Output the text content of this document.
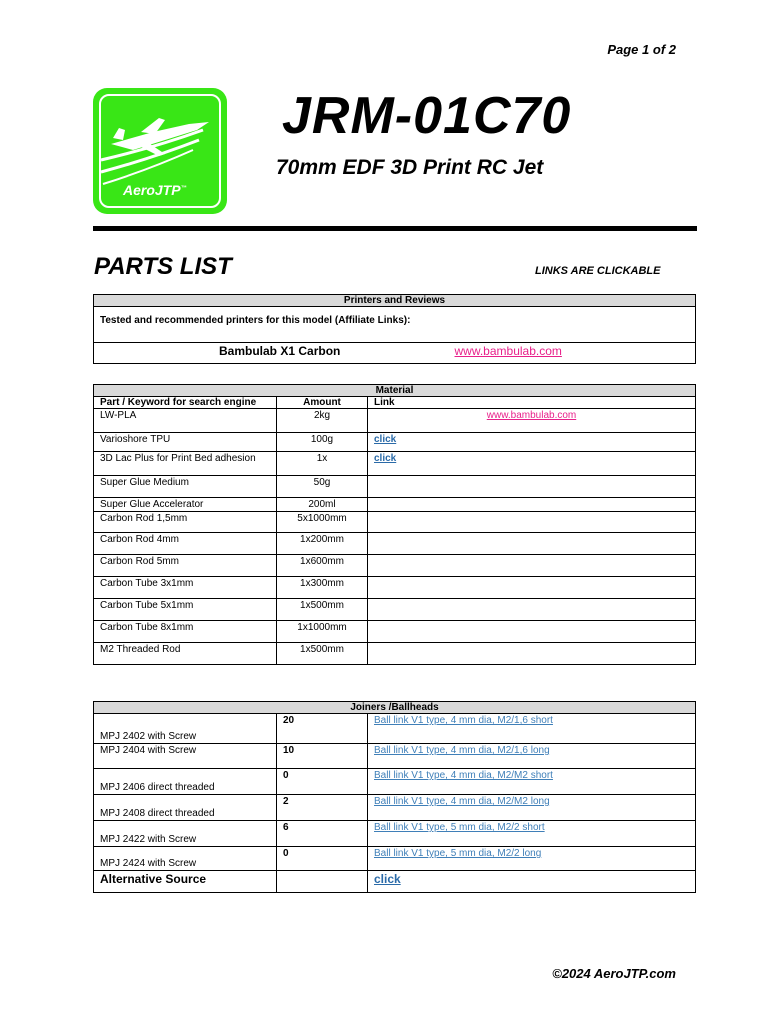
Page 1 of 2
AeroJTP™
JRM-01C70
70mm EDF 3D Print RC Jet
PARTS LIST	LINKS ARE CLICKABLE
Printers and Reviews
Tested and recommended printers for this model (Affiliate Links):
Bambulab X1 Carbon	www.bambulab.com
Material		
Part / Keyword for search engine	Amount	Link
LW-PLA	2kg	www.bambulab.com
Varioshore TPU	100g	click
3D Lac Plus for Print Bed adhesion	1x	click
Super Glue Medium	50g	
Super Glue Accelerator	200ml	
Carbon Rod 1,5mm	5x1000mm	
Carbon Rod 4mm	1x200mm	
Carbon Rod 5mm	1x600mm	
Carbon Tube 3x1mm	1x300mm	
Carbon Tube 5x1mm	1x500mm	
Carbon Tube 8x1mm	1x1000mm	
M2 Threaded Rod	1x500mm	
Joiners /Ballheads		
MPJ 2402 with Screw	20	Ball link V1 type, 4 mm dia, M2/1,6 short
MPJ 2404 with Screw	10	Ball link V1 type, 4 mm dia, M2/1,6 long
MPJ 2406 direct threaded	0	Ball link V1 type, 4 mm dia, M2/M2 short
MPJ 2408 direct threaded	2	Ball link V1 type, 4 mm dia, M2/M2 long
MPJ 2422 with Screw	6	Ball link V1 type, 5 mm dia, M2/2 short
MPJ 2424 with Screw	0	Ball link V1 type, 5 mm dia, M2/2 long
Alternative Source		click
©2024 AeroJTP.com
